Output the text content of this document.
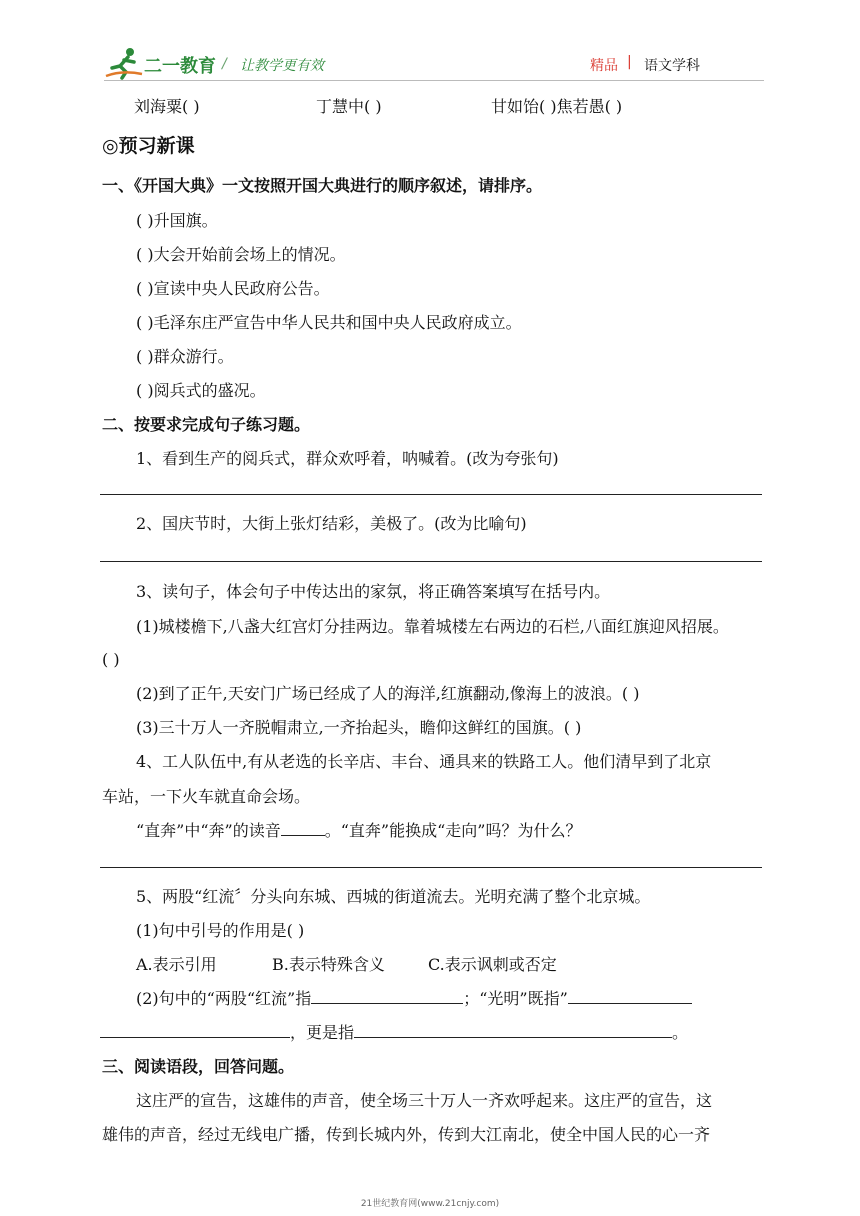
二一教育 / 让教学更有效	精品 | 语文学科
刘海粟( )	丁慧中( )	甘如饴( )焦若愚( )
◎预习新课
一、《开国大典》一文按照开国大典进行的顺序叙述，请排序。
( )升国旗。
( )大会开始前会场上的情况。
( )宣读中央人民政府公告。
( )毛泽东庄严宣告中华人民共和国中央人民政府成立。
( )群众游行。
( )阅兵式的盛况。
二、按要求完成句子练习题。
1、看到生产的阅兵式，群众欢呼着，呐喊着。(改为夸张句)
2、国庆节时，大街上张灯结彩，美极了。(改为比喻句)
3、读句子，体会句子中传达出的家氛，将正确答案填写在括号内。
(1)城楼檐下,八盏大红宫灯分挂两边。靠着城楼左右两边的石栏,八面红旗迎风招展。
( )
(2)到了正午,天安门广场已经成了人的海洋,红旗翻动,像海上的波浪。( )
(3)三十万人一齐脱帽肃立,一齐抬起头，瞻仰这鲜红的国旗。( )
4、工人队伍中,有从老选的长辛店、丰台、通具来的铁路工人。他们清早到了北京
车站，一下火车就直命会场。
“直奔”中“奔”的读音	。“直奔”能换成“走向”吗？为什么？
5、两股“红流〞分头向东城、西城的街道流去。光明充满了整个北京城。
(1)句中引号的作用是( )
A.表示引用	B.表示特殊含义	C.表示讽刺或否定
(2)句中的“两股“红流”指	；“光明”既指”
，更是指	。
三、阅读语段，回答问题。
这庄严的宣告，这雄伟的声音，使全场三十万人一齐欢呼起来。这庄严的宣告，这
雄伟的声音，经过无线电广播，传到长城内外，传到大江南北，使全中国人民的心一齐
21世纪教育网(www.21cnjy.com)
